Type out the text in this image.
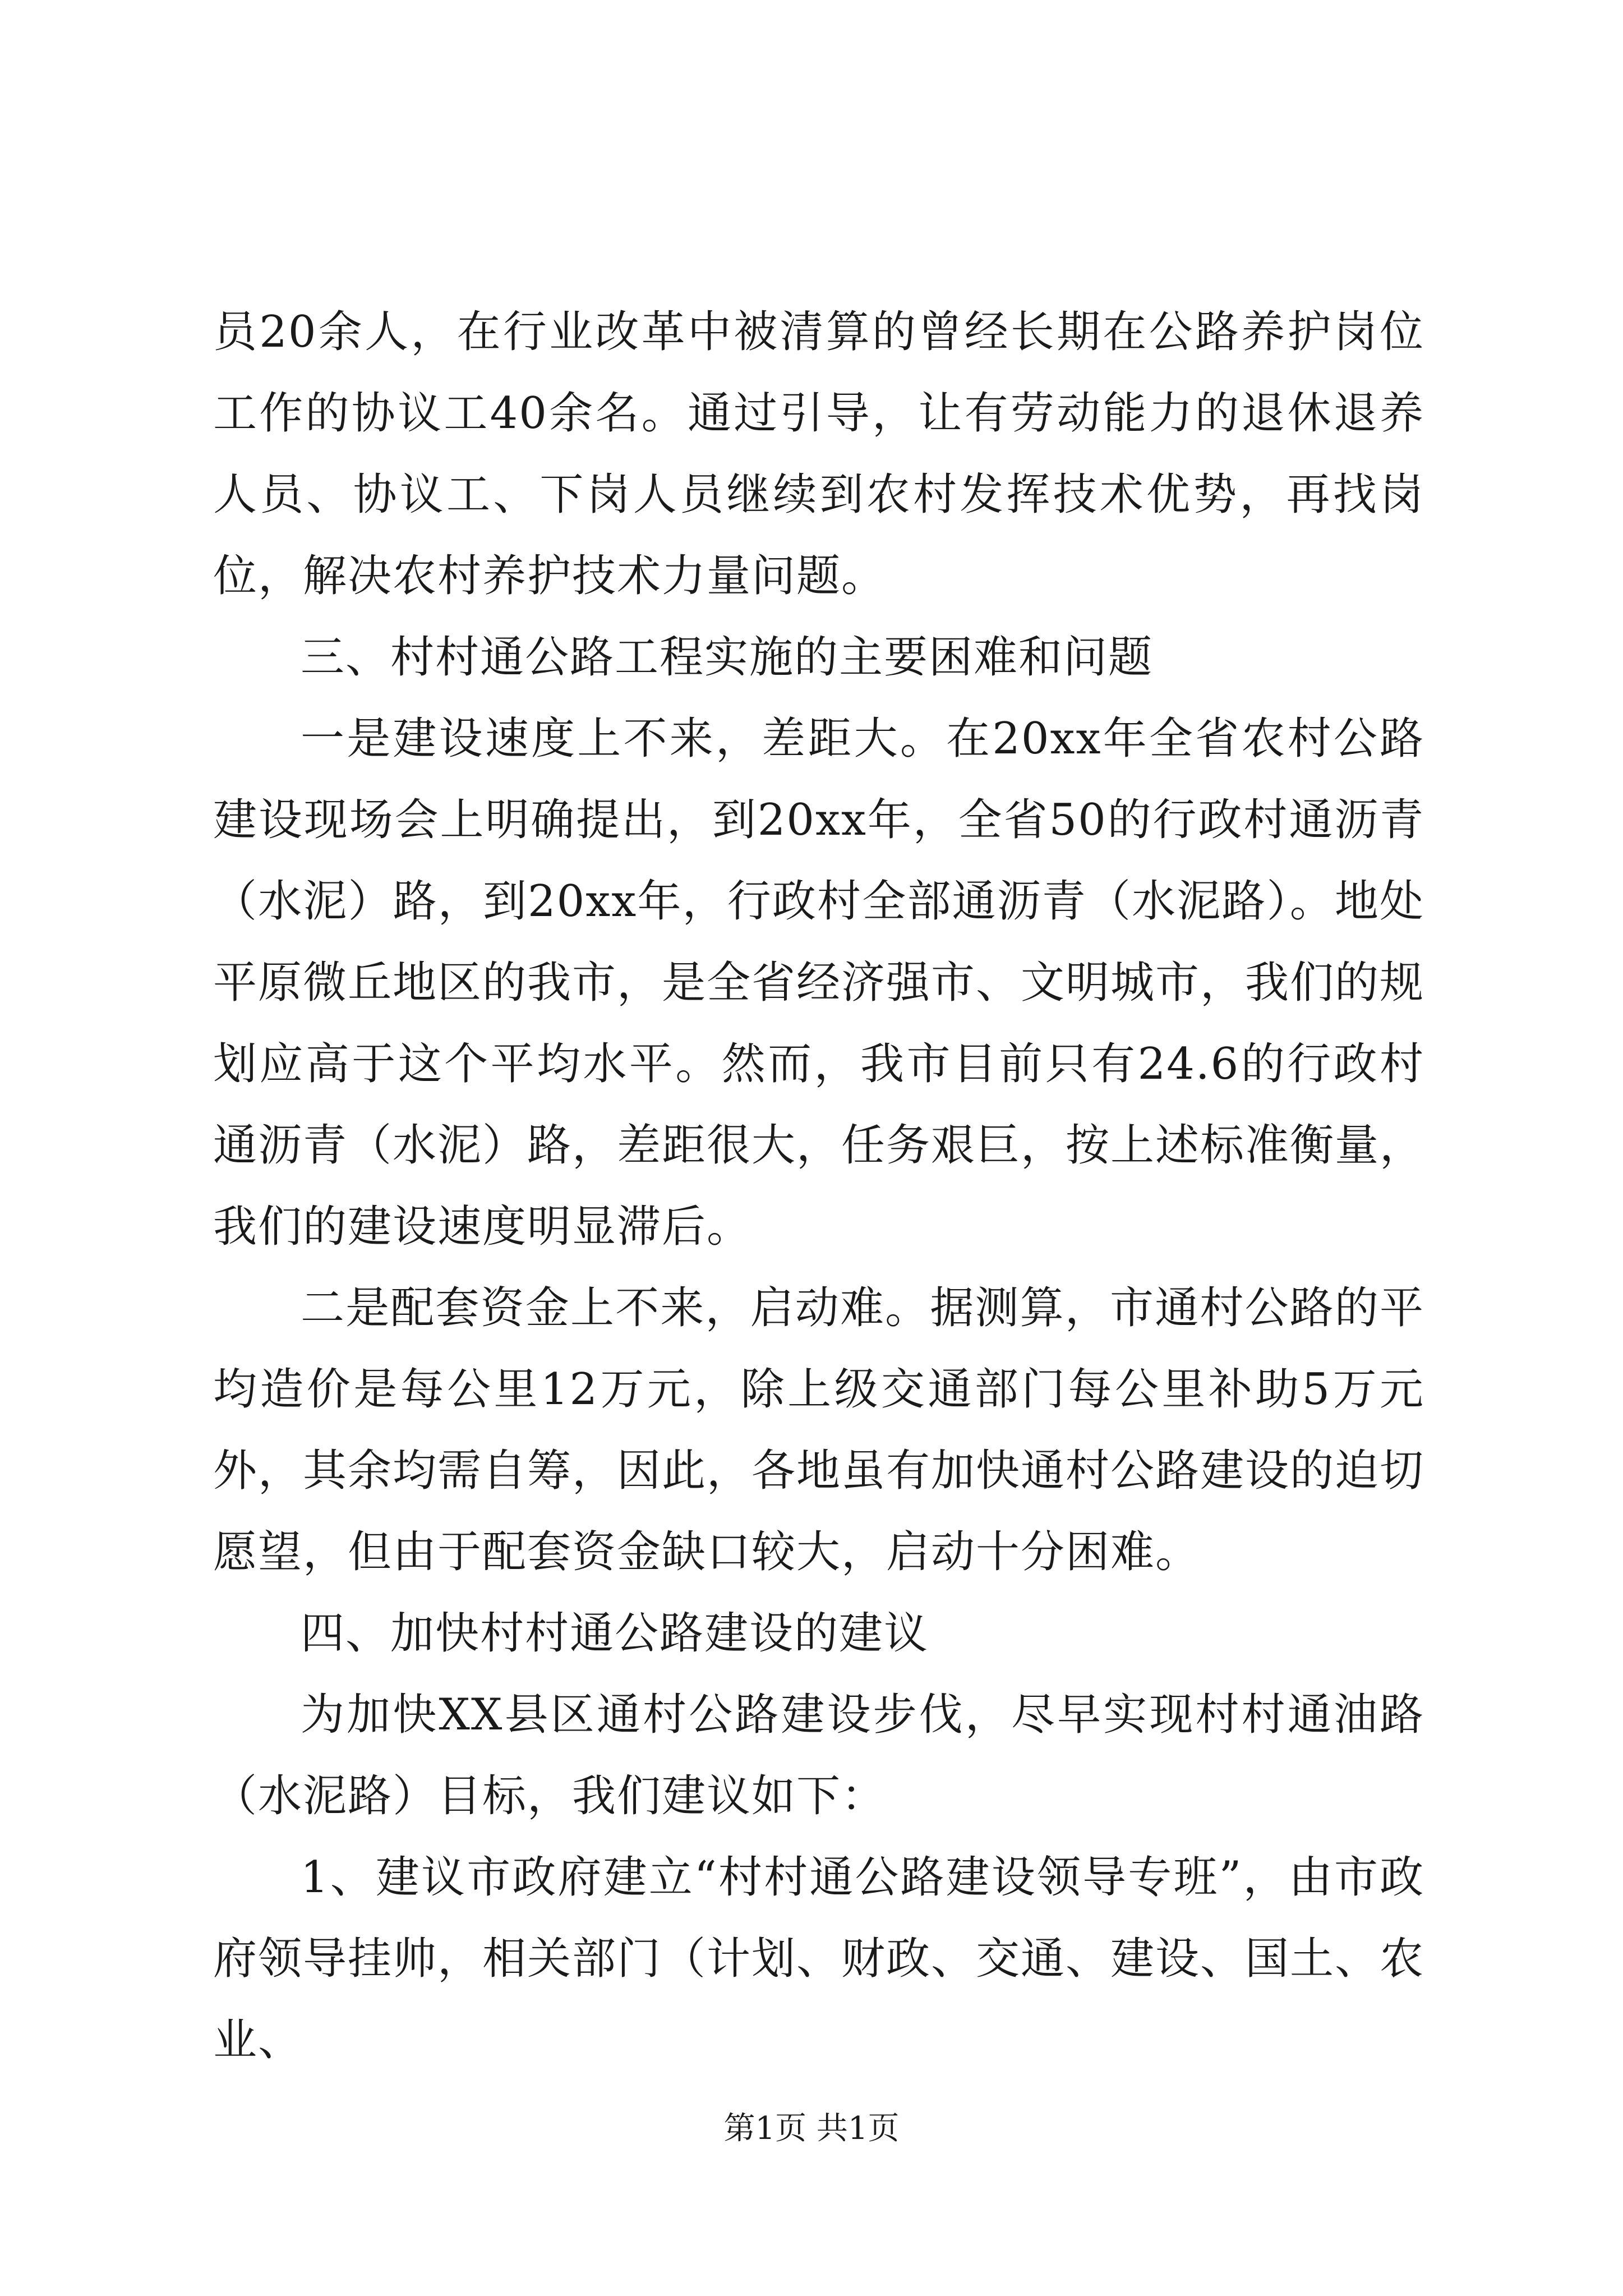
员20余人，在行业改革中被清算的曾经长期在公路养护岗位工作的协议工40余名。通过引导，让有劳动能力的退休退养人员、协议工、下岗人员继续到农村发挥技术优势，再找岗位，解决农村养护技术力量问题。

三、村村通公路工程实施的主要困难和问题

一是建设速度上不来，差距大。在20xx年全省农村公路建设现场会上明确提出，到20xx年，全省50的行政村通沥青（水泥）路，到20xx年，行政村全部通沥青（水泥路）。地处平原微丘地区的我市，是全省经济强市、文明城市，我们的规划应高于这个平均水平。然而，我市目前只有24.6的行政村通沥青（水泥）路，差距很大，任务艰巨，按上述标准衡量，我们的建设速度明显滞后。

二是配套资金上不来，启动难。据测算，市通村公路的平均造价是每公里12万元，除上级交通部门每公里补助5万元外，其余均需自筹，因此，各地虽有加快通村公路建设的迫切愿望，但由于配套资金缺口较大，启动十分困难。

四、加快村村通公路建设的建议

为加快XX县区通村公路建设步伐，尽早实现村村通油路（水泥路）目标，我们建议如下：

1、建议市政府建立“村村通公路建设领导专班”，由市政府领导挂帅，相关部门（计划、财政、交通、建设、国土、农业、

第1页 共1页
